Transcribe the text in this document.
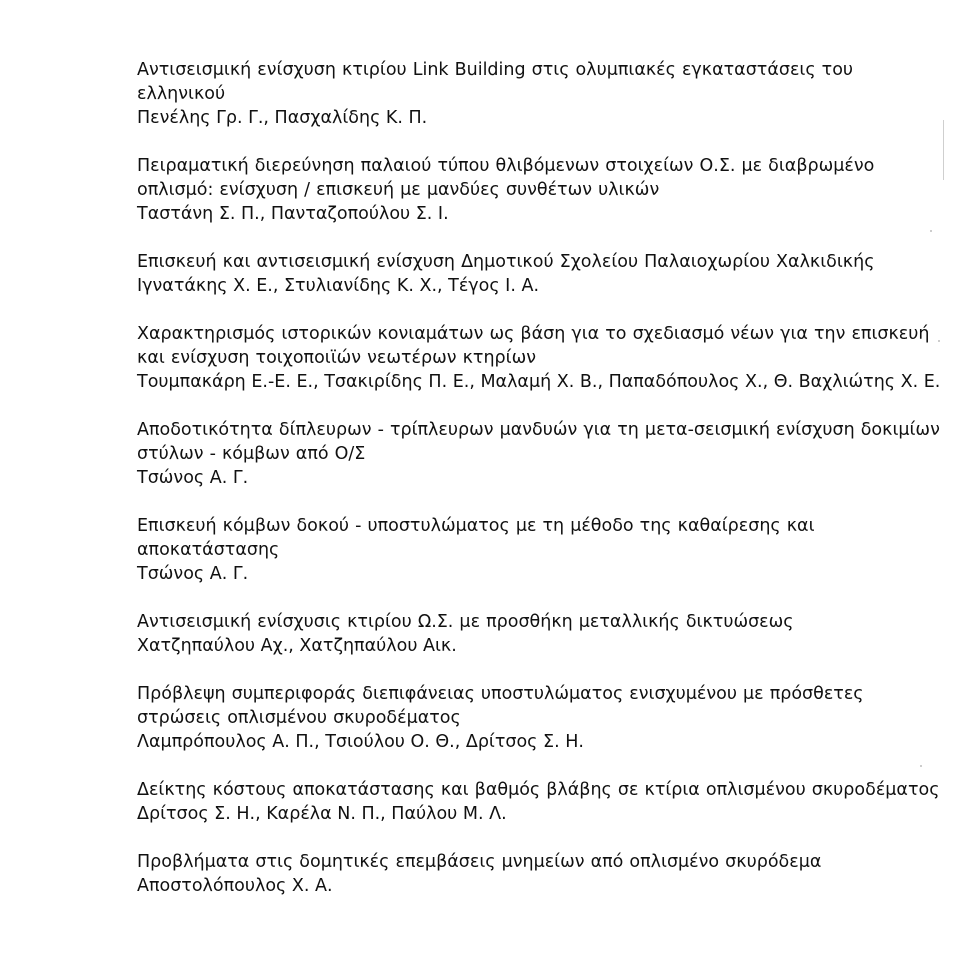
Αντισεισμική ενίσχυση κτιρίου Link Building στις ολυμπιακές εγκαταστάσεις του ελληνικού
Πενέλης Γρ. Γ., Πασχαλίδης Κ. Π.
Πειραματική διερεύνηση παλαιού τύπου θλιβόμενων στοιχείων Ο.Σ. με διαβρωμένο οπλισμό: ενίσχυση / επισκευή με μανδύες συνθέτων υλικών
Ταστάνη Σ. Π., Πανταζοπούλου Σ. Ι.
Επισκευή και αντισεισμική ενίσχυση Δημοτικού Σχολείου Παλαιοχωρίου Χαλκιδικής
Ιγνατάκης Χ. Ε., Στυλιανίδης Κ. Χ., Τέγος Ι. Α.
Χαρακτηρισμός ιστορικών κονιαμάτων ως βάση για το σχεδιασμό νέων για την επισκευή και ενίσχυση τοιχοποιϊών νεωτέρων κτηρίων
Τουμπακάρη Ε.-Ε. Ε., Τσακιρίδης Π. Ε., Μαλαμή Χ. Β., Παπαδόπουλος Χ., Θ. Βαχλιώτης Χ. Ε.
Αποδοτικότητα δίπλευρων - τρίπλευρων μανδυών για τη μετα-σεισμική ενίσχυση δοκιμίων στύλων - κόμβων από Ο/Σ
Τσώνος Α. Γ.
Επισκευή κόμβων δοκού - υποστυλώματος με τη μέθοδο της καθαίρεσης και αποκατάστασης
Τσώνος Α. Γ.
Αντισεισμική ενίσχυσις κτιρίου Ω.Σ. με προσθήκη μεταλλικής δικτυώσεως
Χατζηπαύλου Αχ., Χατζηπαύλου Αικ.
Πρόβλεψη συμπεριφοράς διεπιφάνειας υποστυλώματος ενισχυμένου με πρόσθετες στρώσεις οπλισμένου σκυροδέματος
Λαμπρόπουλος Α. Π., Τσιούλου Ο. Θ., Δρίτσος Σ. Η.
Δείκτης κόστους αποκατάστασης και βαθμός βλάβης σε κτίρια οπλισμένου σκυροδέματος
Δρίτσος Σ. Η., Καρέλα Ν. Π., Παύλου Μ. Λ.
Προβλήματα στις δομητικές επεμβάσεις μνημείων από οπλισμένο σκυρόδεμα
Αποστολόπουλος Χ. Α.
